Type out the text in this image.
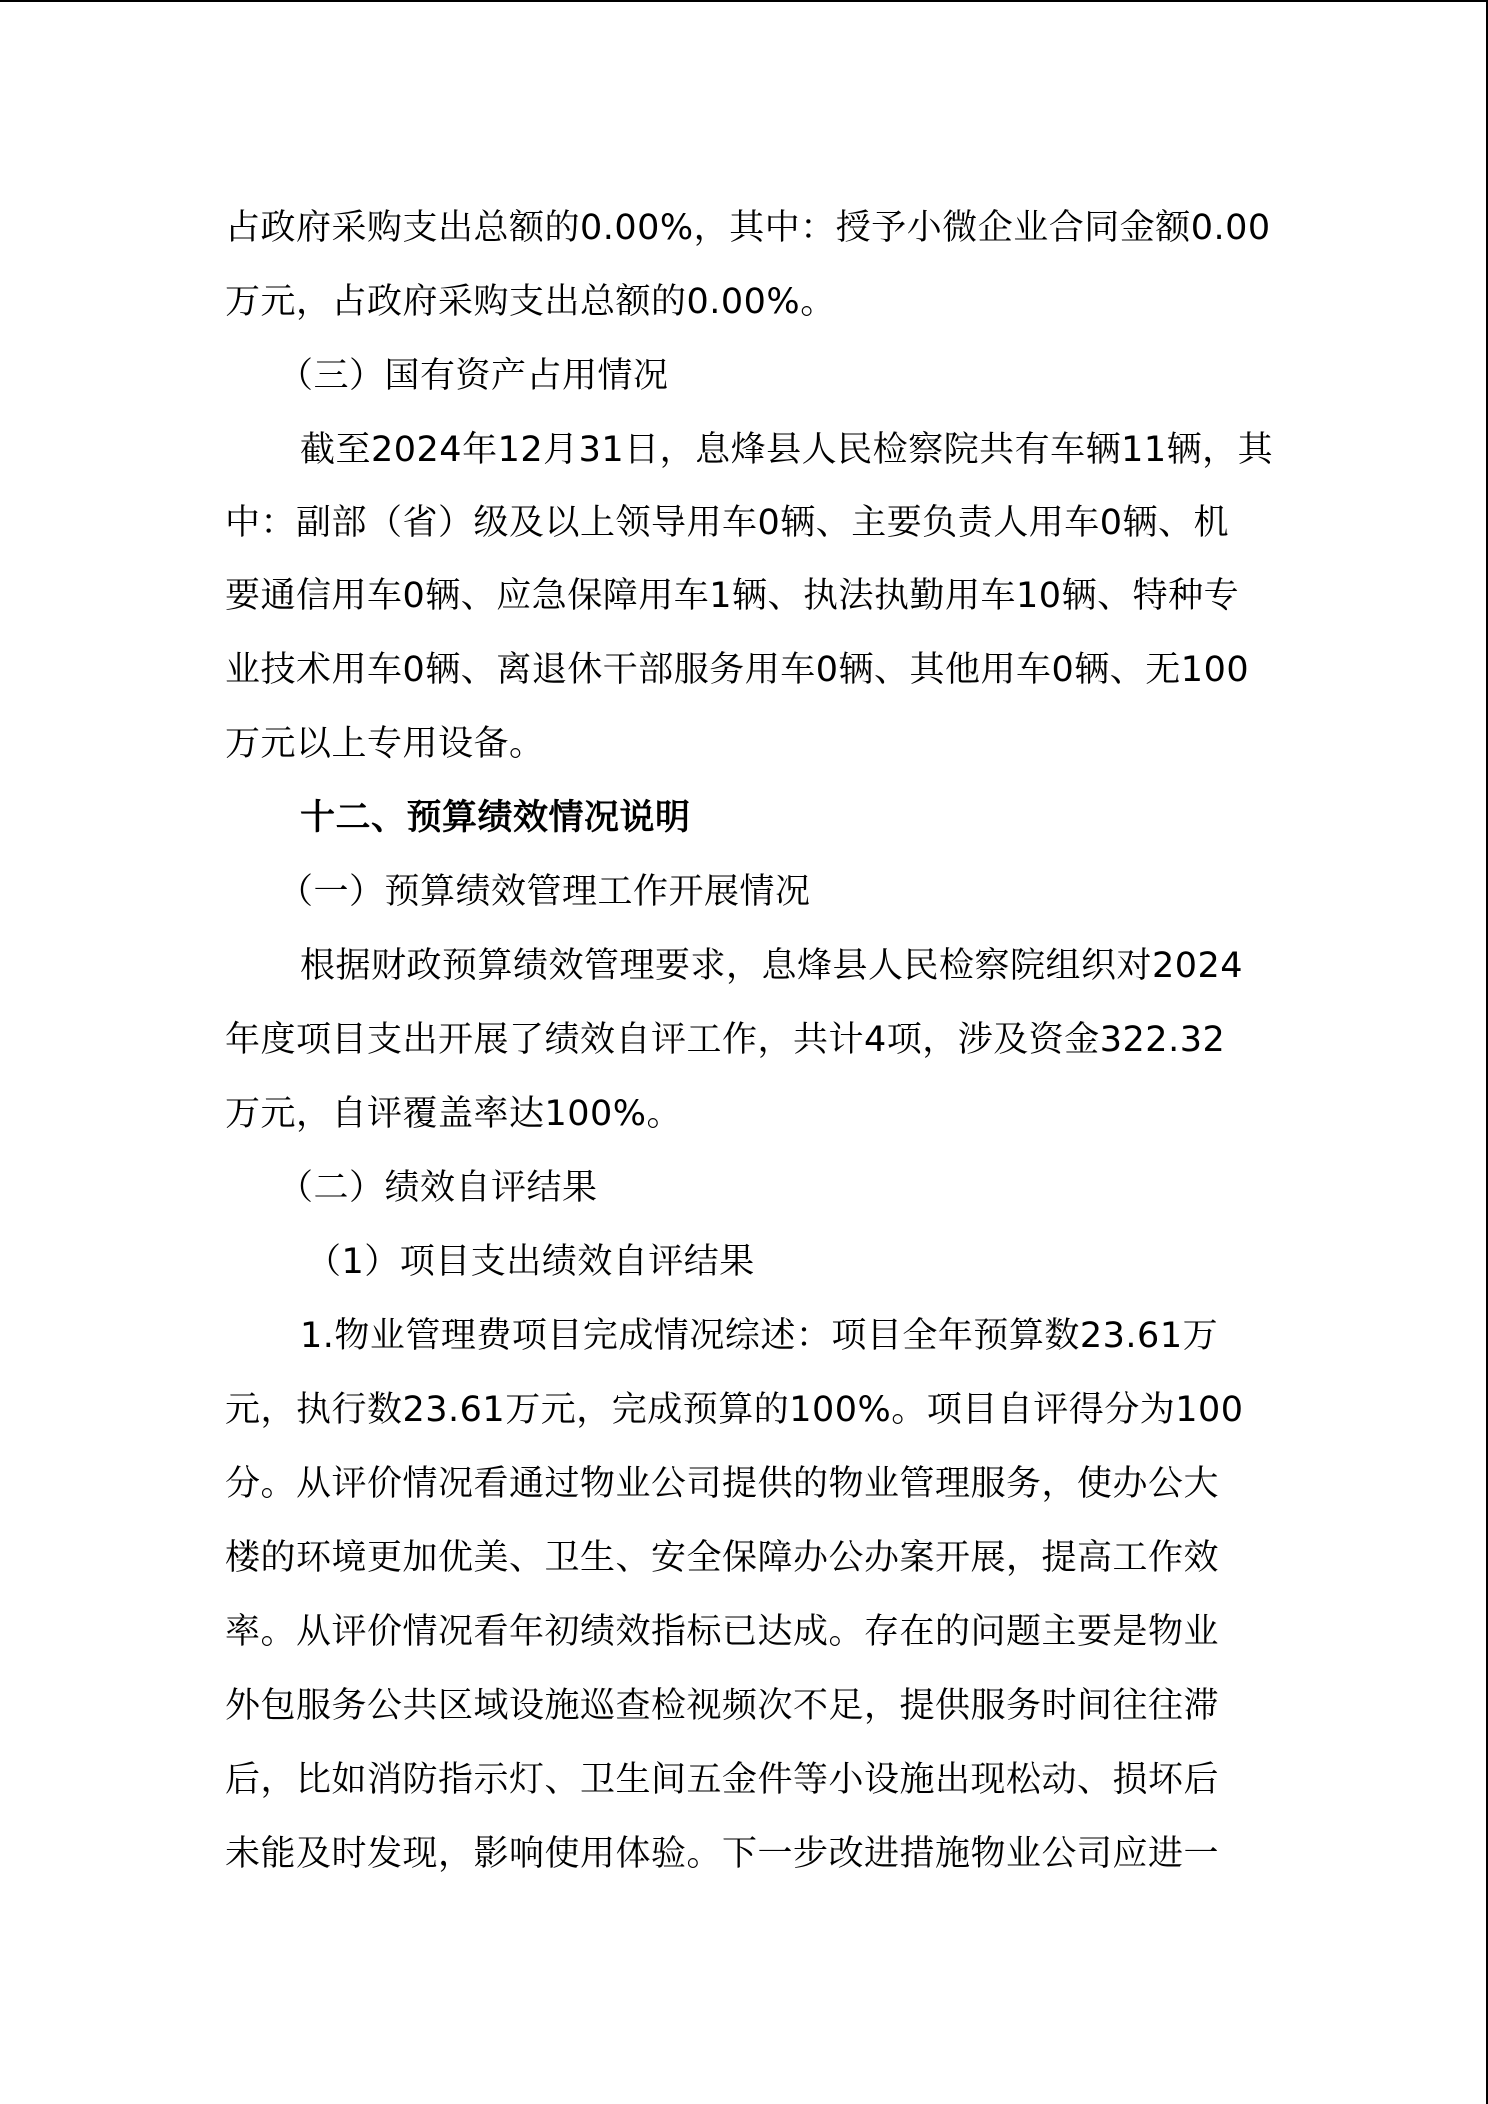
占政府采购支出总额的0.00%，其中：授予小微企业合同金额0.00
万元，占政府采购支出总额的0.00%。
（三）国有资产占用情况
截至2024年12月31日，息烽县人民检察院共有车辆11辆，其
中：副部（省）级及以上领导用车0辆、主要负责人用车0辆、机
要通信用车0辆、应急保障用车1辆、执法执勤用车10辆、特种专
业技术用车0辆、离退休干部服务用车0辆、其他用车0辆、无100
万元以上专用设备。
十二、预算绩效情况说明
（一）预算绩效管理工作开展情况
根据财政预算绩效管理要求，息烽县人民检察院组织对2024
年度项目支出开展了绩效自评工作，共计4项，涉及资金322.32
万元，自评覆盖率达100%。
（二）绩效自评结果
（1）项目支出绩效自评结果
1.物业管理费项目完成情况综述：项目全年预算数23.61万
元，执行数23.61万元，完成预算的100%。项目自评得分为100
分。从评价情况看通过物业公司提供的物业管理服务，使办公大
楼的环境更加优美、卫生、安全保障办公办案开展，提高工作效
率。从评价情况看年初绩效指标已达成。存在的问题主要是物业
外包服务公共区域设施巡查检视频次不足，提供服务时间往往滞
后，比如消防指示灯、卫生间五金件等小设施出现松动、损坏后
未能及时发现，影响使用体验。下一步改进措施物业公司应进一
